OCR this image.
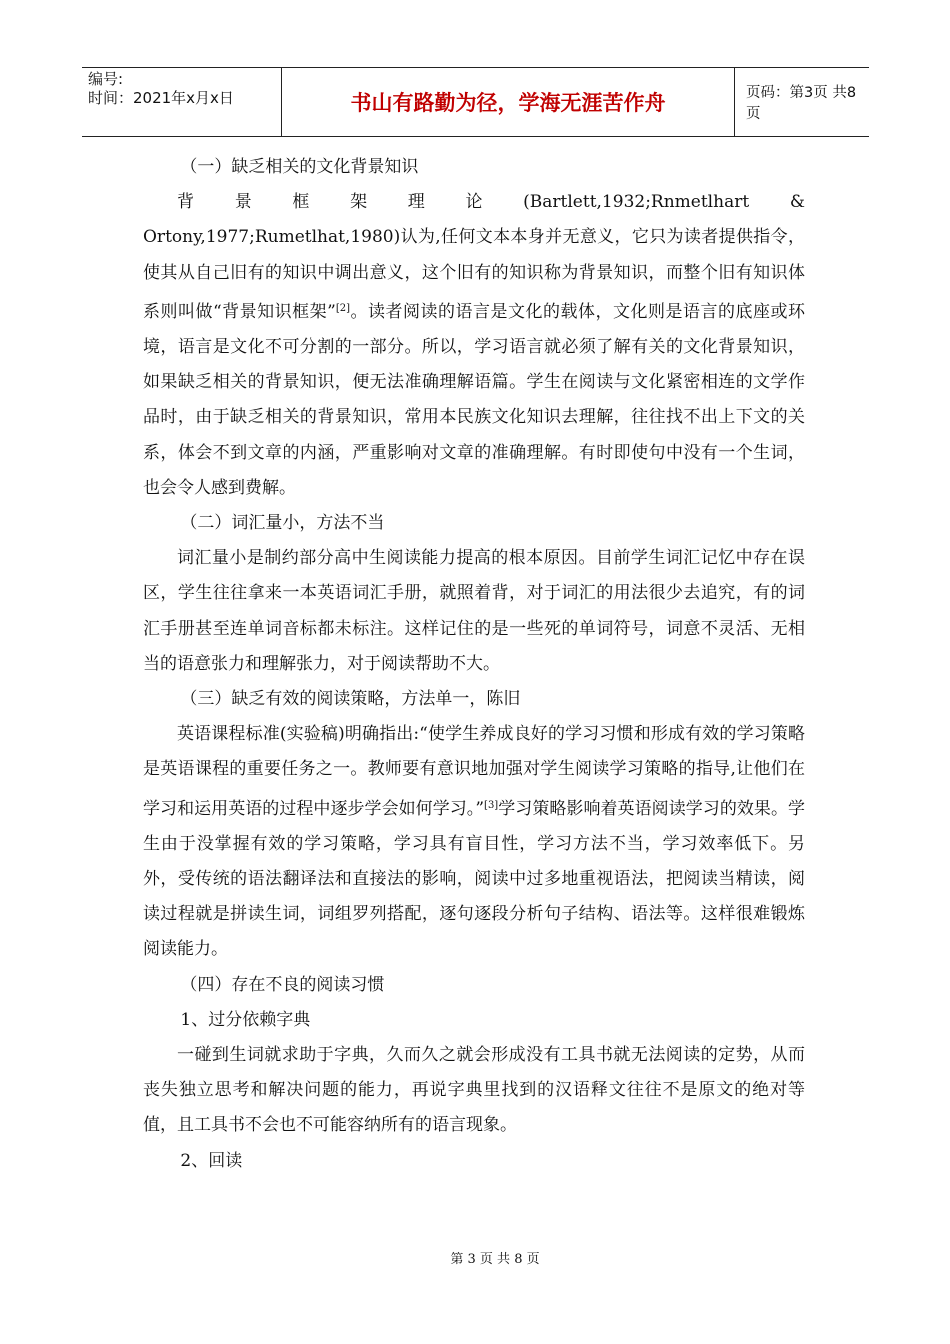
编号:
时间：2021年x月x日	书山有路勤为径，学海无涯苦作舟	页码：第3页 共8页

（一）缺乏相关的文化背景知识

背　景　框　架　理　论　(Bartlett,1932;Rnmetlhart　&　Ortony,1977;Rumetlhat,1980)认为,任何文本本身并无意义，它只为读者提供指令，使其从自己旧有的知识中调出意义，这个旧有的知识称为背景知识，而整个旧有知识体系则叫做“背景知识框架”[2]。读者阅读的语言是文化的载体，文化则是语言的底座或环境，语言是文化不可分割的一部分。所以，学习语言就必须了解有关的文化背景知识，如果缺乏相关的背景知识，便无法准确理解语篇。学生在阅读与文化紧密相连的文学作品时，由于缺乏相关的背景知识，常用本民族文化知识去理解，往往找不出上下文的关系，体会不到文章的内涵，严重影响对文章的准确理解。有时即使句中没有一个生词，也会令人感到费解。

（二）词汇量小，方法不当

词汇量小是制约部分高中生阅读能力提高的根本原因。目前学生词汇记忆中存在误区，学生往往拿来一本英语词汇手册，就照着背，对于词汇的用法很少去追究，有的词汇手册甚至连单词音标都未标注。这样记住的是一些死的单词符号，词意不灵活、无相当的语意张力和理解张力，对于阅读帮助不大。

（三）缺乏有效的阅读策略，方法单一，陈旧

英语课程标准(实验稿)明确指出:“使学生养成良好的学习习惯和形成有效的学习策略是英语课程的重要任务之一。教师要有意识地加强对学生阅读学习策略的指导,让他们在学习和运用英语的过程中逐步学会如何学习。”[3]学习策略影响着英语阅读学习的效果。学生由于没掌握有效的学习策略，学习具有盲目性，学习方法不当，学习效率低下。另外，受传统的语法翻译法和直接法的影响，阅读中过多地重视语法，把阅读当精读，阅读过程就是拼读生词，词组罗列搭配，逐句逐段分析句子结构、语法等。这样很难锻炼阅读能力。

（四）存在不良的阅读习惯

1、过分依赖字典

一碰到生词就求助于字典，久而久之就会形成没有工具书就无法阅读的定势，从而丧失独立思考和解决问题的能力，再说字典里找到的汉语释文往往不是原文的绝对等值，且工具书不会也不可能容纳所有的语言现象。

2、回读

第 3 页 共 8 页
